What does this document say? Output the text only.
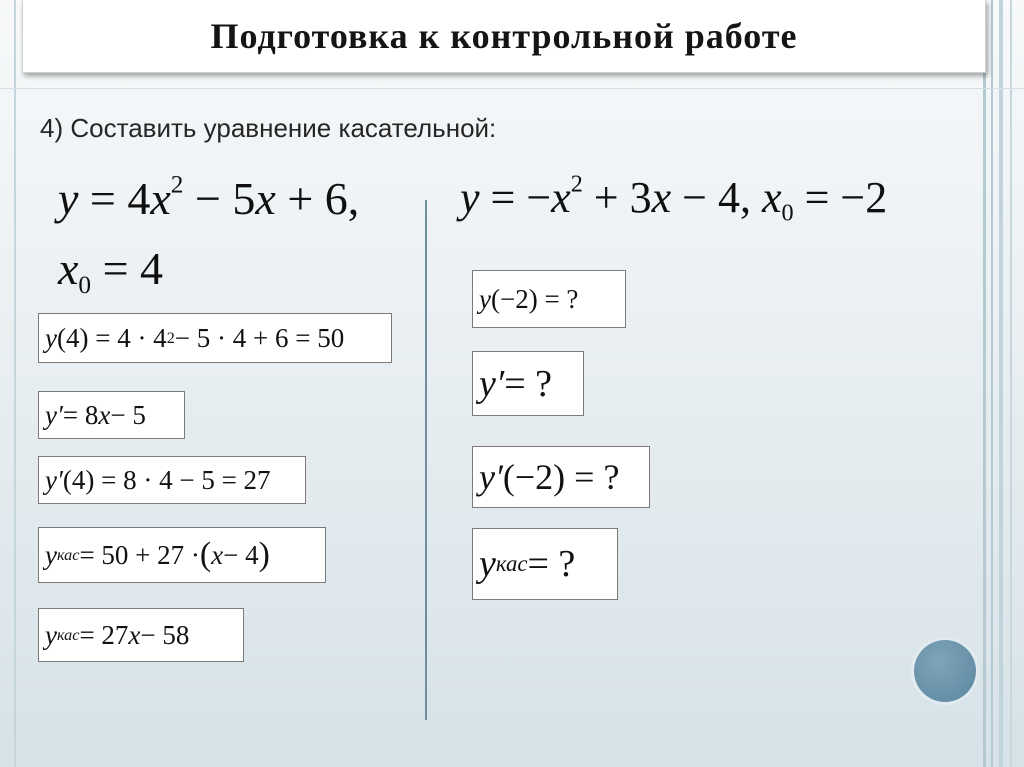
Подготовка к контрольной работе
4) Составить уравнение касательной:
$y = 4x^2 - 5x + 6$,
$x_0 = 4$
y (4) = 4 · 4 2 − 5 · 4 + 6 = 50
y′ = 8 x − 5
y′ (4) = 8 · 4 − 5 = 27
y кас = 50 + 27 · ( x − 4 )
y кас = 27 x − 58
$y = -x^2 + 3x - 4$, $x_0 = -2$
y (−2) = ?
y′ = ?
y′ (−2) = ?
y кас = ?
